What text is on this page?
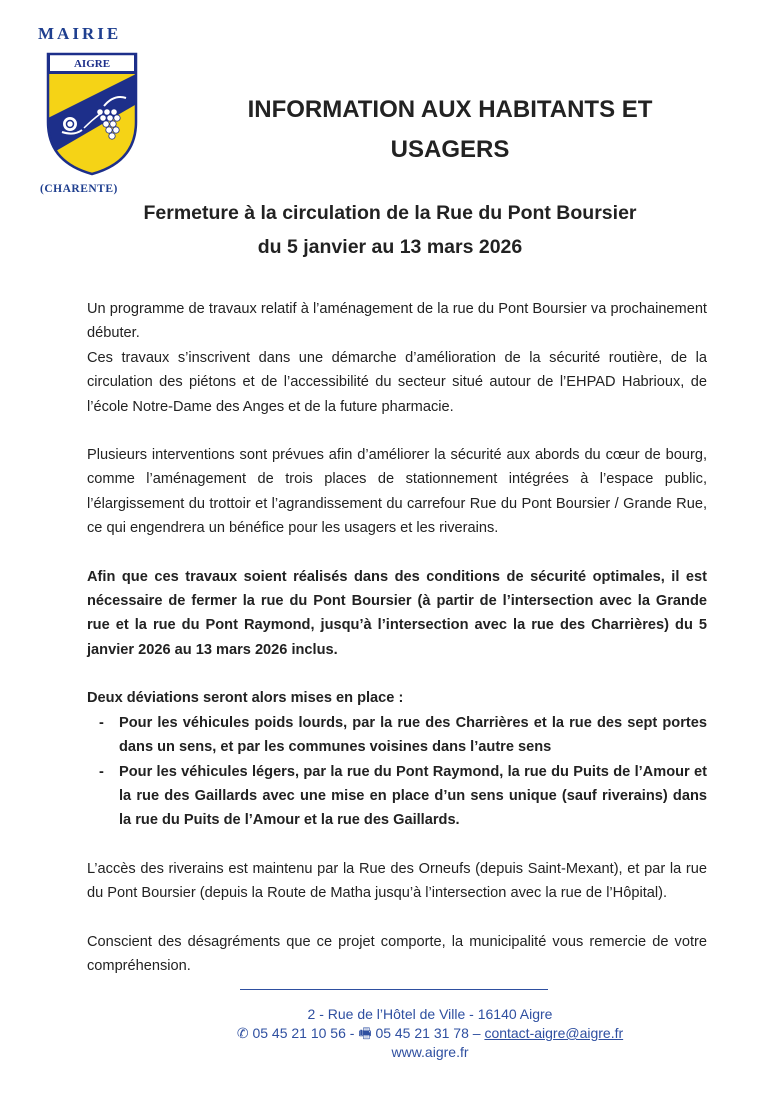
MAIRIE
AIGRE
(CHARENTE)
INFORMATION AUX HABITANTS ET
USAGERS
Fermeture à la circulation de la Rue du Pont Boursier
du 5 janvier au 13 mars 2026

Un programme de travaux relatif à l’aménagement de la rue du Pont Boursier va prochainement débuter.
Ces travaux s’inscrivent dans une démarche d’amélioration de la sécurité routière, de la circulation des piétons et de l’accessibilité du secteur situé autour de l’EHPAD Habrioux, de l’école Notre-Dame des Anges et de la future pharmacie.

Plusieurs interventions sont prévues afin d’améliorer la sécurité aux abords du cœur de bourg, comme l’aménagement de trois places de stationnement intégrées à l’espace public, l’élargissement du trottoir et l’agrandissement du carrefour Rue du Pont Boursier / Grande Rue, ce qui engendrera un bénéfice pour les usagers et les riverains.

Afin que ces travaux soient réalisés dans des conditions de sécurité optimales, il est nécessaire de fermer la rue du Pont Boursier (à partir de l’intersection avec la Grande rue et la rue du Pont Raymond, jusqu’à l’intersection avec la rue des Charrières) du 5 janvier 2026 au 13 mars 2026 inclus.

Deux déviations seront alors mises en place :

- Pour les véhicules poids lourds, par la rue des Charrières et la rue des sept portes dans un sens, et par les communes voisines dans l’autre sens
- Pour les véhicules légers, par la rue du Pont Raymond, la rue du Puits de l’Amour et la rue des Gaillards avec une mise en place d’un sens unique (sauf riverains) dans la rue du Puits de l’Amour et la rue des Gaillards.

L’accès des riverains est maintenu par la Rue des Orneufs (depuis Saint-Mexant), et par la rue du Pont Boursier (depuis la Route de Matha jusqu’à l’intersection avec la rue de l’Hôpital).

Conscient des désagréments que ce projet comporte, la municipalité vous remercie de votre compréhension.

2 - Rue de l’Hôtel de Ville - 16140 Aigre
✆ 05 45 21 10 56 - 🖷 05 45 21 31 78 – contact-aigre@aigre.fr
www.aigre.fr
